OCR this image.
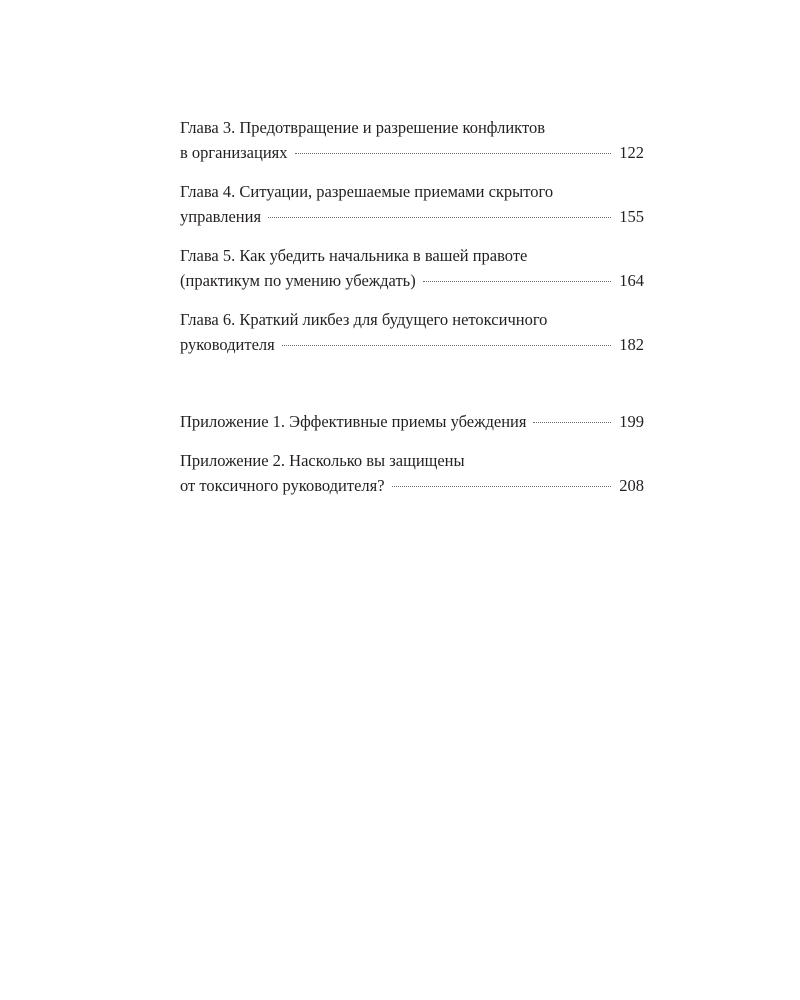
Глава 3. Предотвращение и разрешение конфликтов
в организациях	122
Глава 4. Ситуации, разрешаемые приемами скрытого
управления	155
Глава 5. Как убедить начальника в вашей правоте
(практикум по умению убеждать)	164
Глава 6. Краткий ликбез для будущего нетоксичного
руководителя	182
Приложение 1. Эффективные приемы убеждения	199
Приложение 2. Насколько вы защищены
от токсичного руководителя?	208
